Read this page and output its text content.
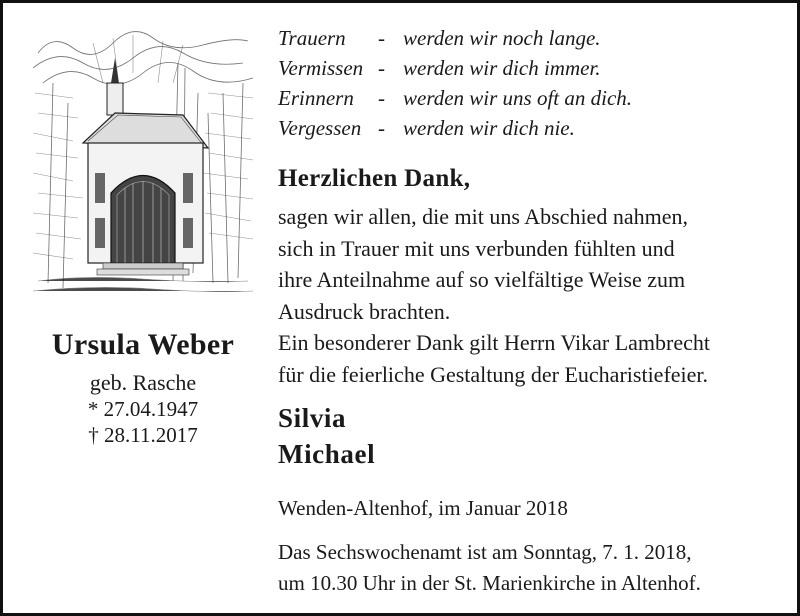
Ursula Weber
geb. Rasche
* 27.04.1947
† 28.11.2017
Trauern - werden wir noch lange.
Vermissen - werden wir dich immer.
Erinnern - werden wir uns oft an dich.
Vergessen - werden wir dich nie.
Herzlichen Dank,
sagen wir allen, die mit uns Abschied nahmen,
sich in Trauer mit uns verbunden fühlten und
ihre Anteilnahme auf so vielfältige Weise zum
Ausdruck brachten.
Ein besonderer Dank gilt Herrn Vikar Lambrecht
für die feierliche Gestaltung der Eucharistiefeier.
Silvia
Michael
Wenden-Altenhof, im Januar 2018
Das Sechswochenamt ist am Sonntag, 7. 1. 2018,
um 10.30 Uhr in der St. Marienkirche in Altenhof.
